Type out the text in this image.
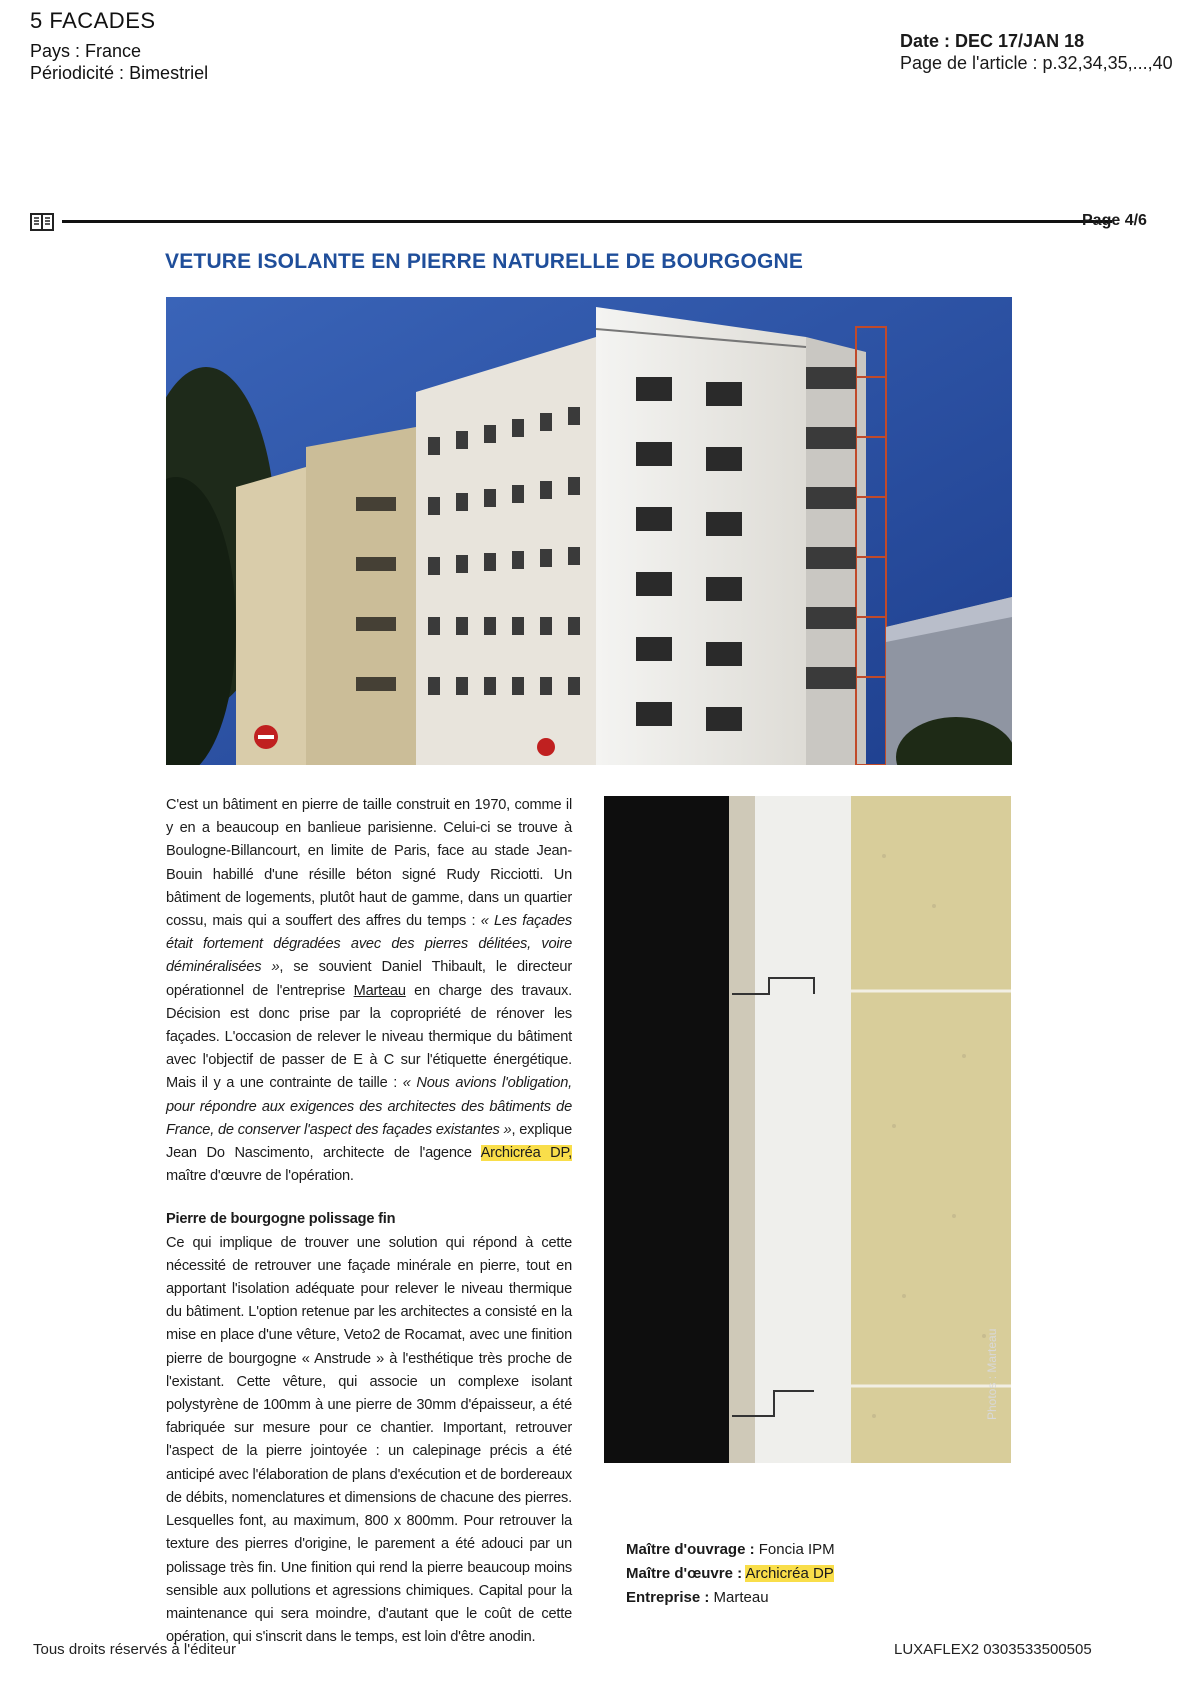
5 FACADES
Pays : France
Périodicité : Bimestriel
Date : DEC 17/JAN 18
Page de l'article : p.32,34,35,...,40
Page 4/6
VETURE ISOLANTE EN PIERRE NATURELLE DE BOURGOGNE
Photos : Marteau

C'est un bâtiment en pierre de taille construit en 1970, comme il y en a beaucoup en banlieue parisienne. Celui-ci se trouve à Boulogne-Billancourt, en limite de Paris, face au stade Jean-Bouin habillé d'une résille béton signé Rudy Ricciotti. Un bâtiment de logements, plutôt haut de gamme, dans un quartier cossu, mais qui a souffert des affres du temps : « Les façades était fortement dégradées avec des pierres délitées, voire déminéralisées », se souvient Daniel Thibault, le directeur opérationnel de l'entreprise Marteau en charge des travaux. Décision est donc prise par la copropriété de rénover les façades. L'occasion de relever le niveau thermique du bâtiment avec l'objectif de passer de E à C sur l'étiquette énergétique. Mais il y a une contrainte de taille : « Nous avions l'obligation, pour répondre aux exigences des architectes des bâtiments de France, de conserver l'aspect des façades existantes », explique Jean Do Nascimento, architecte de l'agence Archicréa DP, maître d'œuvre de l'opération.

Pierre de bourgogne polissage fin

Ce qui implique de trouver une solution qui répond à cette nécessité de retrouver une façade minérale en pierre, tout en apportant l'isolation adéquate pour relever le niveau thermique du bâtiment. L'option retenue par les architectes a consisté en la mise en place d'une vêture, Veto2 de Rocamat, avec une finition pierre de bourgogne « Anstrude » à l'esthétique très proche de l'existant. Cette vêture, qui associe un complexe isolant polystyrène de 100mm à une pierre de 30mm d'épaisseur, a été fabriquée sur mesure pour ce chantier. Important, retrouver l'aspect de la pierre jointoyée : un calepinage précis a été anticipé avec l'élaboration de plans d'exécution et de bordereaux de débits, nomenclatures et dimensions de chacune des pierres. Lesquelles font, au maximum, 800 x 800mm. Pour retrouver la texture des pierres d'origine, le parement a été adouci par un polissage très fin. Une finition qui rend la pierre beaucoup moins sensible aux pollutions et agressions chimiques. Capital pour la maintenance qui sera moindre, d'autant que le coût de cette opération, qui s'inscrit dans le temps, est loin d'être anodin.

Maître d'ouvrage : Foncia IPM
Maître d'œuvre : Archicréa DP
Entreprise : Marteau
Tous droits réservés à l'éditeur	LUXAFLEX2 0303533500505
